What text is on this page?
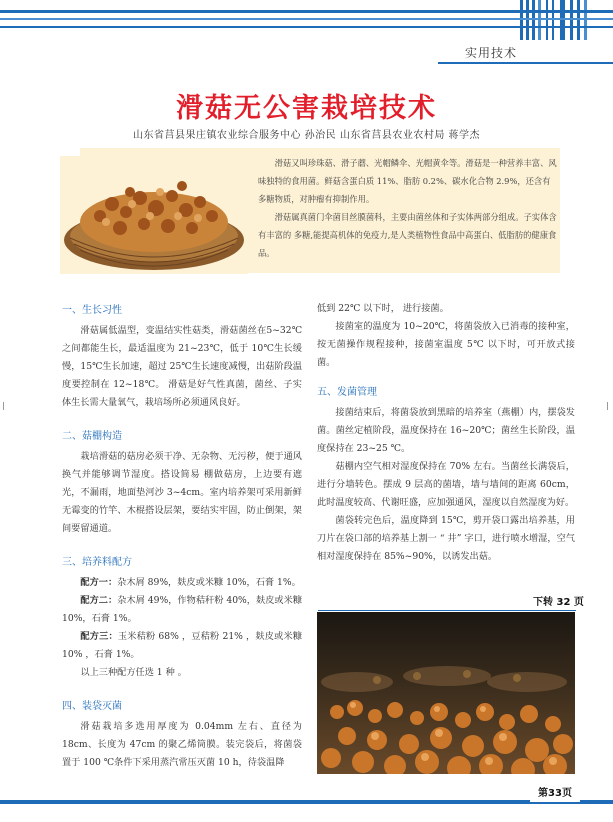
实用技术
滑菇无公害栽培技术
山东省莒县果庄镇农业综合服务中心 孙治民 山东省莒县农业农村局 蒋学杰

滑菇又叫珍珠菇、滑子蘑、光帽鳞伞、光帽黄伞等。滑菇是一种营养丰富、风味独特的食用菌。鲜菇含蛋白质 11%、脂肪 0.2%、碳水化合物 2.9%，还含有多糖物质，对肿瘤有抑制作用。

滑菇属真菌门伞菌目丝膜菌科，主要由菌丝体和子实体两部分组成。子实体含有丰富的 多糖,能提高机体的免疫力,是人类植物性食品中高蛋白、低脂肪的健康食品。

一、生长习性

滑菇属低温型，变温结实性菇类，滑菇菌丝在5~32℃之间都能生长，最适温度为 21~23℃，低于 10℃生长缓慢，15℃生长加速，超过 25℃生长速度减慢，出菇阶段温度要控制在 12~18℃。 滑菇是好气性真菌，菌丝、子实体生长需大量氧气，栽培场所必须通风良好。

二、菇棚构造

栽培滑菇的菇房必须干净、无杂物、无污秽，便于通风换气并能够调节湿度。搭设简易 棚做菇房，上边要有遮光，不漏雨，地面垫河沙 3~4cm。室内培养架可采用新鲜无霉变的竹竿、木棍搭设层架，要结实牢固，防止倒架，架间要留通道。

三、培养料配方

配方一：杂木屑 89%，麸皮或米糠 10%，石膏 1%。

配方二：杂木屑 49%，作物秸秆粉 40%，麸皮或米糠 10%，石膏 1%。

配方三：玉米秸粉 68% ，豆秸粉 21% ，麸皮或米糠 10% ，石膏 1%。

以上三种配方任选 1 种 。

四、装袋灭菌

滑菇栽培多选用厚度为 0.04mm 左右、直径为18cm、长度为 47cm 的聚乙烯筒膜。装完袋后，将菌袋置于 100 ℃条件下采用蒸汽常压灭菌 10 h，待袋温降

低到 22℃ 以下时， 进行接菌。

接菌室的温度为 10~20℃，将菌袋放入已消毒的接种室，按无菌操作规程接种，接菌室温度 5℃ 以下时，可开放式接菌。

五、发菌管理

接菌结束后，将菌袋放到黑暗的培养室（燕棚）内，摆袋发菌。菌丝定植阶段，温度保持在 16~20℃；菌丝生长阶段，温度保持在 23~25 ℃。

菇棚内空气相对湿度保持在 70% 左右。当菌丝长满袋后，进行分墙转色。摆成 9 层高的菌墙，墙与墙间的距离 60cm，此时温度较高、代谢旺盛，应加强通风，湿度以自然湿度为好。

菌袋转完色后，温度降到 15℃，剪开袋口露出培养基，用刀片在袋口部的培养基上割一 “ 井” 字口，进行喷水增湿，空气相对湿度保持在 85%~90%，以诱发出菇。

下转 32 页
第33页
